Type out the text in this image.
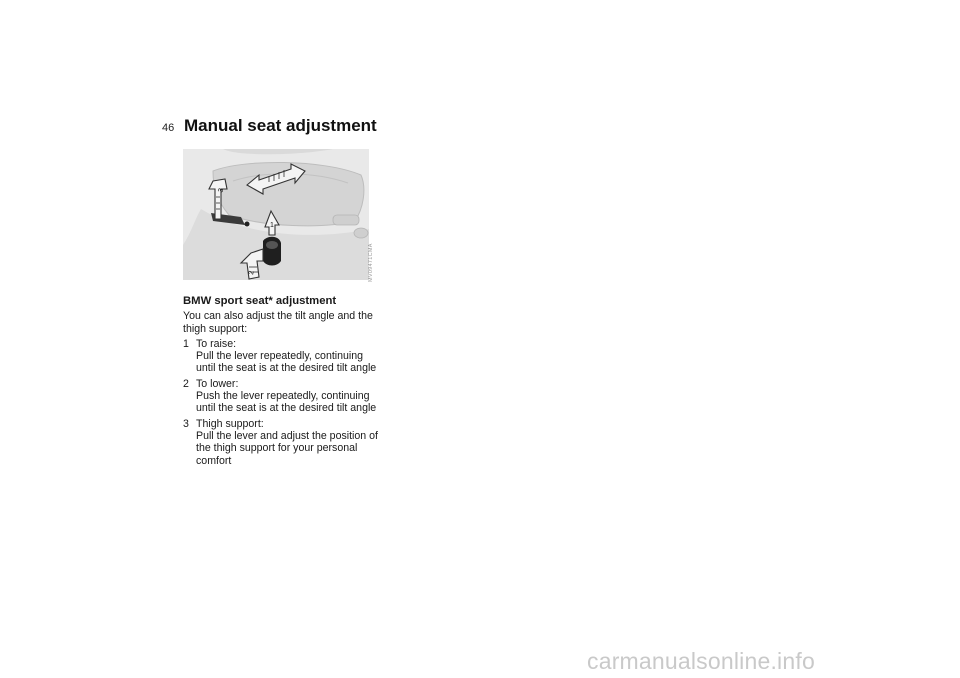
46 Manual seat adjustment
3
1
2	MV09471CMA
BMW sport seat* adjustment

You can also adjust the tilt angle and the thigh support:

1 To raise:
Pull the lever repeatedly, continuing until the seat is at the desired tilt angle
2 To lower:
Push the lever repeatedly, continuing until the seat is at the desired tilt angle
3 Thigh support:
Pull the lever and adjust the position of the thigh support for your personal comfort
carmanualsonline.info
